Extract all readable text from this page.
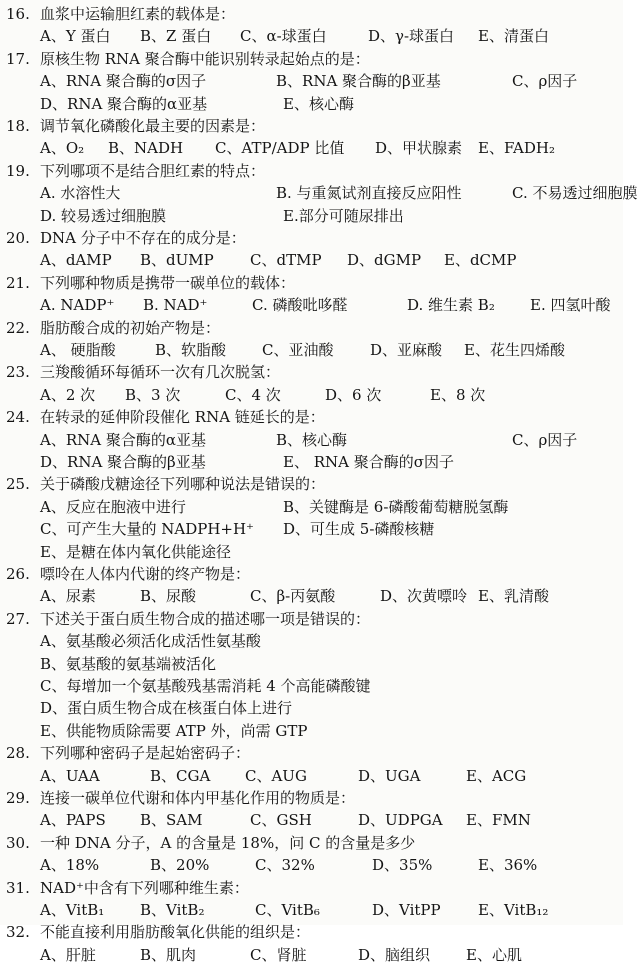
16. 血浆中运输胆红素的载体是：
A、Y 蛋白 B、Z 蛋白 C、α-球蛋白	D、γ-球蛋白 E、清蛋白
17. 原核生物 RNA 聚合酶中能识别转录起始点的是：
A、RNA 聚合酶的σ因子	B、RNA 聚合酶的β亚基	C、ρ因子
D、RNA 聚合酶的α亚基	E、核心酶
18. 调节氧化磷酸化最主要的因素是：
A、O₂ B、NADH C、ATP/ADP 比值 D、甲状腺素 E、FADH₂
19. 下列哪项不是结合胆红素的特点：
A. 水溶性大	B. 与重氮试剂直接反应阳性	C. 不易透过细胞膜
D. 较易透过细胞膜	E.部分可随尿排出
20. DNA 分子中不存在的成分是：
A、dAMP B、dUMP C、dTMP D、dGMP E、dCMP
21. 下列哪种物质是携带一碳单位的载体：
A. NADP⁺ B. NAD⁺	C. 磷酸吡哆醛	D. 维生素 B₂ E. 四氢叶酸
22. 脂肪酸合成的初始产物是：
A、 硬脂酸	B、软脂酸 C、亚油酸 D、亚麻酸 E、花生四烯酸
23. 三羧酸循环每循环一次有几次脱氢：
A、2 次 B、3 次	C、4 次	D、6 次	E、8 次
24. 在转录的延伸阶段催化 RNA 链延长的是：
A、RNA 聚合酶的α亚基	B、核心酶	C、ρ因子
D、RNA 聚合酶的β亚基	E、 RNA 聚合酶的σ因子
25. 关于磷酸戊糖途径下列哪种说法是错误的：
A、反应在胞液中进行	B、关键酶是 6-磷酸葡萄糖脱氢酶
C、可产生大量的 NADPH+H⁺ D、可生成 5-磷酸核糖
E、是糖在体内氧化供能途径
26. 嘌呤在人体内代谢的终产物是：
A、尿素	B、尿酸	C、β-丙氨酸	D、次黄嘌呤 E、乳清酸
27. 下述关于蛋白质生物合成的描述哪一项是错误的：
A、氨基酸必须活化成活性氨基酸
B、氨基酸的氨基端被活化
C、每增加一个氨基酸残基需消耗 4 个高能磷酸键
D、蛋白质生物合成在核蛋白体上进行
E、供能物质除需要 ATP 外，尚需 GTP
28. 下列哪种密码子是起始密码子：
A、UAA	B、CGA C、AUG	D、UGA	E、ACG
29. 连接一碳单位代谢和体内甲基化作用的物质是：
A、PAPS B、SAM	C、GSH	D、UDPGA E、FMN
30. 一种 DNA 分子，A 的含量是 18%，问 C 的含量是多少
A、18%	B、20%	C、32%	D、35%	E、36%
31. NAD⁺中含有下列哪种维生素：
A、VitB₁ B、VitB₂	C、VitB₆	D、VitPP E、VitB₁₂
32. 不能直接利用脂肪酸氧化供能的组织是：
A、肝脏	B、肌肉	C、肾脏	D、脑组织 E、心肌
